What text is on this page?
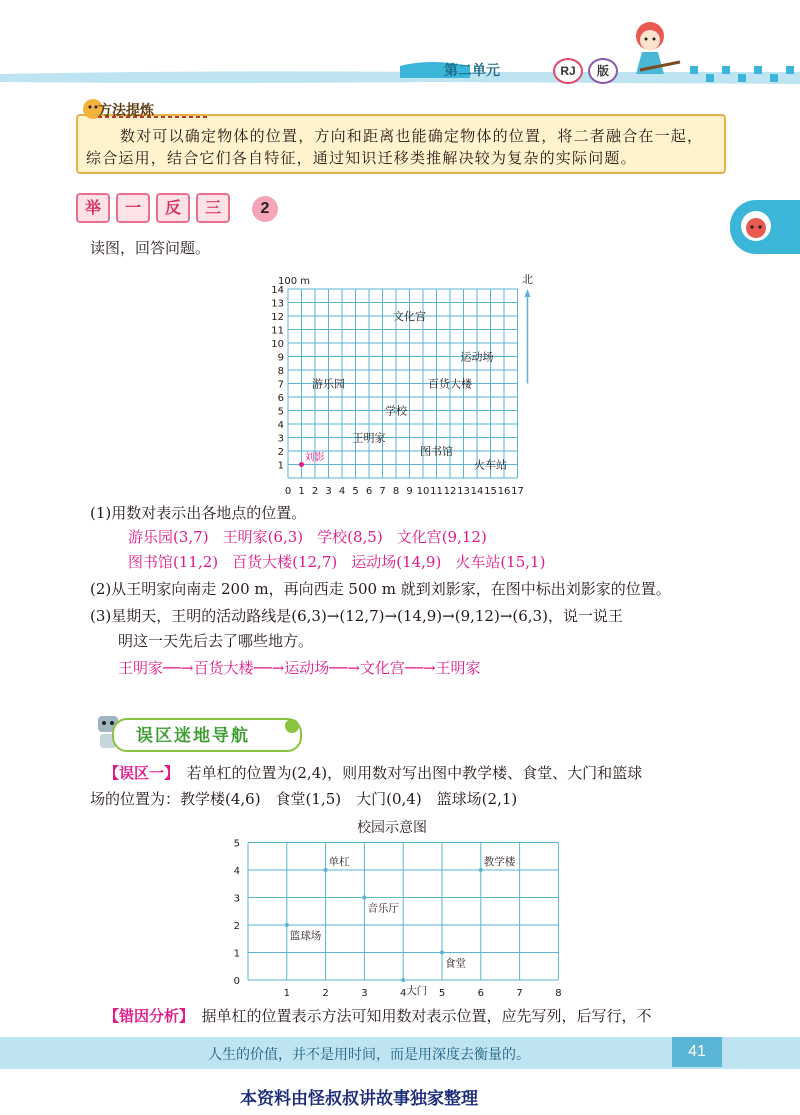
第二单元	RJ	版
方法提炼
数对可以确定物体的位置，方向和距离也能确定物体的位置，将二者融合在一起，综合运用，结合它们各自特征，通过知识迁移类推解决较为复杂的实际问题。
举 一 反 三 2
读图，回答问题。
0 1 2 3 4 5 6 7 8 9 10 11 12 13 14 15 16 17
1
2
3
4
5
6
7
8
9
10
11
12
13
14
100 m	北
文化宫
运动场
游乐园	百货大楼
学校
王明家
图书馆
火车站
刘影
(1)用数对表示出各地点的位置。
游乐园(3,7) 王明家(6,3) 学校(8,5) 文化宫(9,12)
图书馆(11,2) 百货大楼(12,7) 运动场(14,9) 火车站(15,1)
(2)从王明家向南走 200 m，再向西走 500 m 就到刘影家，在图中标出刘影家的位置。
(3)星期天，王明的活动路线是(6,3)→(12,7)→(14,9)→(9,12)→(6,3)，说一说王
明这一天先后去了哪些地方。
王明家──→百货大楼──→运动场──→文化宫──→王明家
误区迷地导航
【误区一】　 若单杠的位置为(2,4)，则用数对写出图中教学楼、食堂、大门和篮球
场的位置为：教学楼(4,6)　食堂(1,5)　大门(0,4)　篮球场(2,1)
校园示意图
1	2	3	4	5	6	7	8
0
1
2
3
4
5
单杠	教学楼
音乐厅
篮球场
食堂
大门
【错因分析】　 据单杠的位置表示方法可知用数对表示位置，应先写列，后写行，不
人生的价值，并不是用时间，而是用深度去衡量的。	41
本资料由怪叔叔讲故事独家整理
